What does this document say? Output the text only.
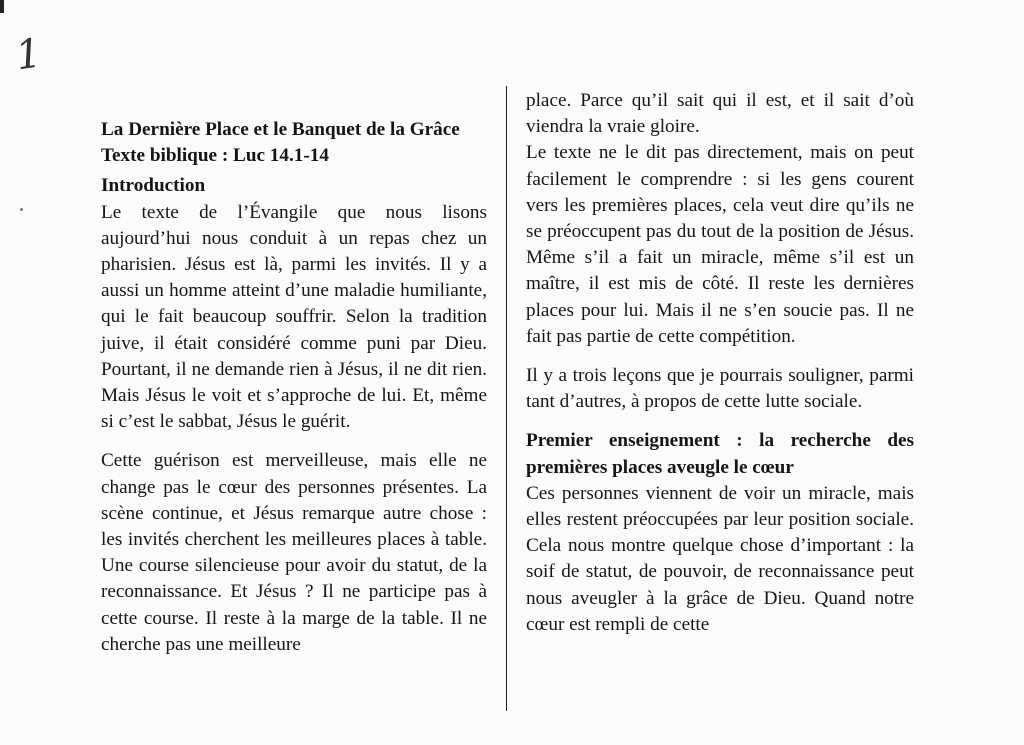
1

La Dernière Place et le Banquet de la Grâce

Texte biblique : Luc 14.1-14

Introduction

Le texte de l’Évangile que nous lisons aujourd’hui nous conduit à un repas chez un pharisien. Jésus est là, parmi les invités. Il y a aussi un homme atteint d’une maladie humiliante, qui le fait beaucoup souffrir. Selon la tradition juive, il était considéré comme puni par Dieu. Pourtant, il ne demande rien à Jésus, il ne dit rien. Mais Jésus le voit et s’approche de lui. Et, même si c’est le sabbat, Jésus le guérit.

Cette guérison est merveilleuse, mais elle ne change pas le cœur des personnes présentes. La scène continue, et Jésus remarque autre chose : les invités cherchent les meilleures places à table. Une course silencieuse pour avoir du statut, de la reconnaissance. Et Jésus ? Il ne participe pas à cette course. Il reste à la marge de la table. Il ne cherche pas une meilleure

place. Parce qu’il sait qui il est, et il sait d’où viendra la vraie gloire.

Le texte ne le dit pas directement, mais on peut facilement le comprendre : si les gens courent vers les premières places, cela veut dire qu’ils ne se préoccupent pas du tout de la position de Jésus. Même s’il a fait un miracle, même s’il est un maître, il est mis de côté. Il reste les dernières places pour lui. Mais il ne s’en soucie pas. Il ne fait pas partie de cette compétition.

Il y a trois leçons que je pourrais souligner, parmi tant d’autres, à propos de cette lutte sociale.

Premier enseignement : la recherche des premières places aveugle le cœur

Ces personnes viennent de voir un miracle, mais elles restent préoccupées par leur position sociale. Cela nous montre quelque chose d’important : la soif de statut, de pouvoir, de reconnaissance peut nous aveugler à la grâce de Dieu. Quand notre cœur est rempli de cette
